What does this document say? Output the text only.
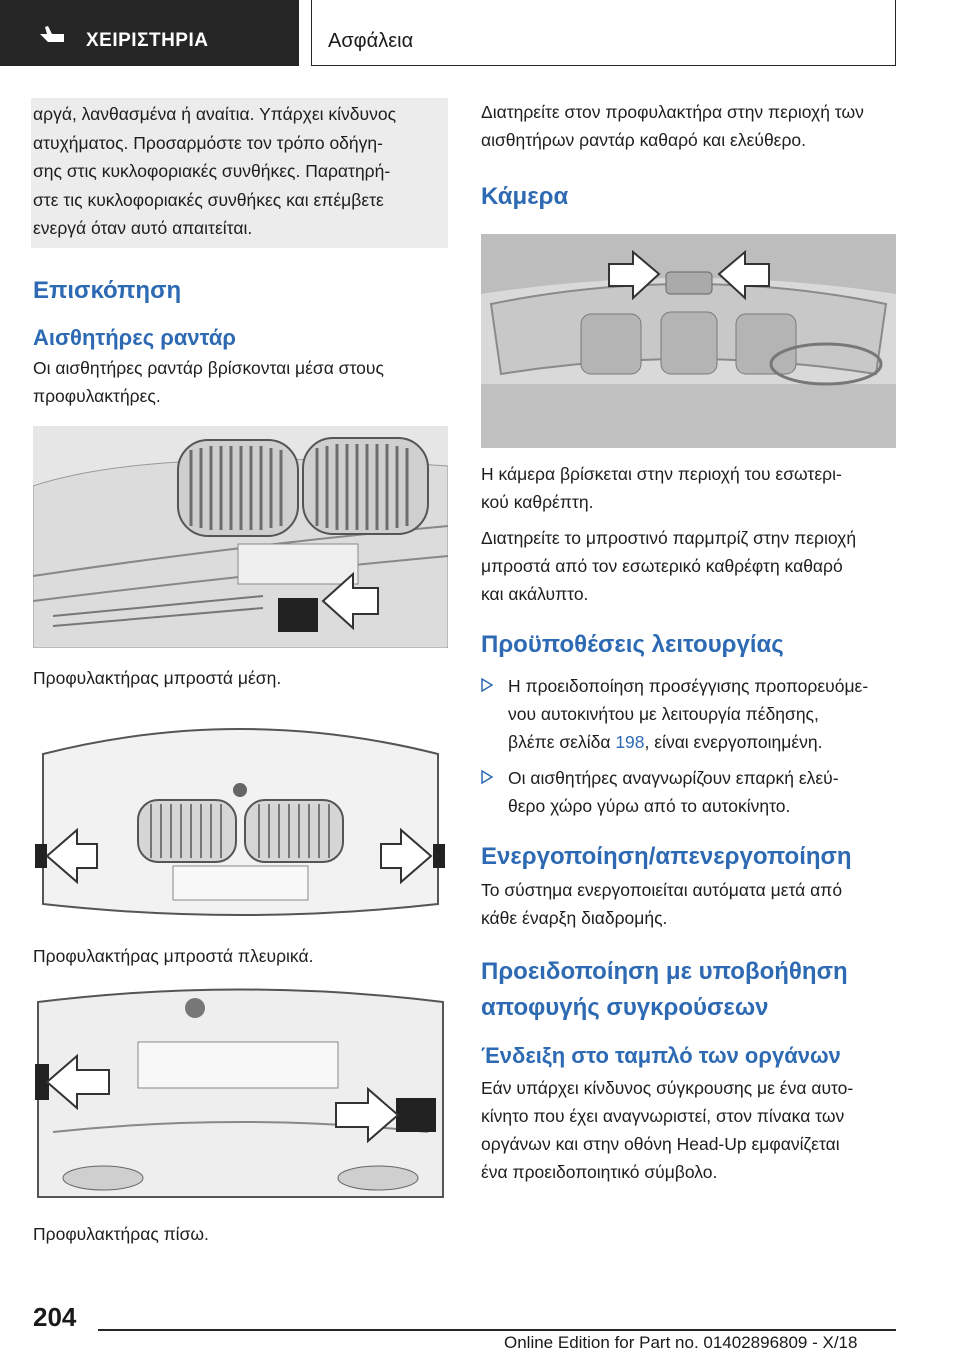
ΧΕΙΡΙΣΤΗΡΙΑ	Ασφάλεια
αργά, λανθασμένα ή αναίτια. Υπάρχει κίνδυνος
ατυχήματος. Προσαρμόστε τον τρόπο οδήγη-
σης στις κυκλοφοριακές συνθήκες. Παρατηρή-
στε τις κυκλοφοριακές συνθήκες και επέμβετε
ενεργά όταν αυτό απαιτείται.
Επισκόπηση
Αισθητήρες ραντάρ
Οι αισθητήρες ραντάρ βρίσκονται μέσα στους
προφυλακτήρες.
Προφυλακτήρας μπροστά μέση.
Προφυλακτήρας μπροστά πλευρικά.
Προφυλακτήρας πίσω.
Διατηρείτε στον προφυλακτήρα στην περιοχή των
αισθητήρων ραντάρ καθαρό και ελεύθερο.
Κάμερα
Η κάμερα βρίσκεται στην περιοχή του εσωτερι-
κού καθρέπτη.
Διατηρείτε το μπροστινό παρμπρίζ στην περιοχή
μπροστά από τον εσωτερικό καθρέφτη καθαρό
και ακάλυπτο.
Προϋποθέσεις λειτουργίας
Η προειδοποίηση προσέγγισης προπορευόμε-
νου αυτοκινήτου με λειτουργία πέδησης,
βλέπε σελίδα 198, είναι ενεργοποιημένη.
Οι αισθητήρες αναγνωρίζουν επαρκή ελεύ-
θερο χώρο γύρω από το αυτοκίνητο.
Ενεργοποίηση/απενεργοποίηση
Το σύστημα ενεργοποιείται αυτόματα μετά από
κάθε έναρξη διαδρομής.
Προειδοποίηση με υποβοήθηση
αποφυγής συγκρούσεων
Ένδειξη στο ταμπλό των οργάνων
Εάν υπάρχει κίνδυνος σύγκρουσης με ένα αυτο-
κίνητο που έχει αναγνωριστεί, στον πίνακα των
οργάνων και στην οθόνη Head-Up εμφανίζεται
ένα προειδοποιητικό σύμβολο.
204
Online Edition for Part no. 01402896809 - X/18
